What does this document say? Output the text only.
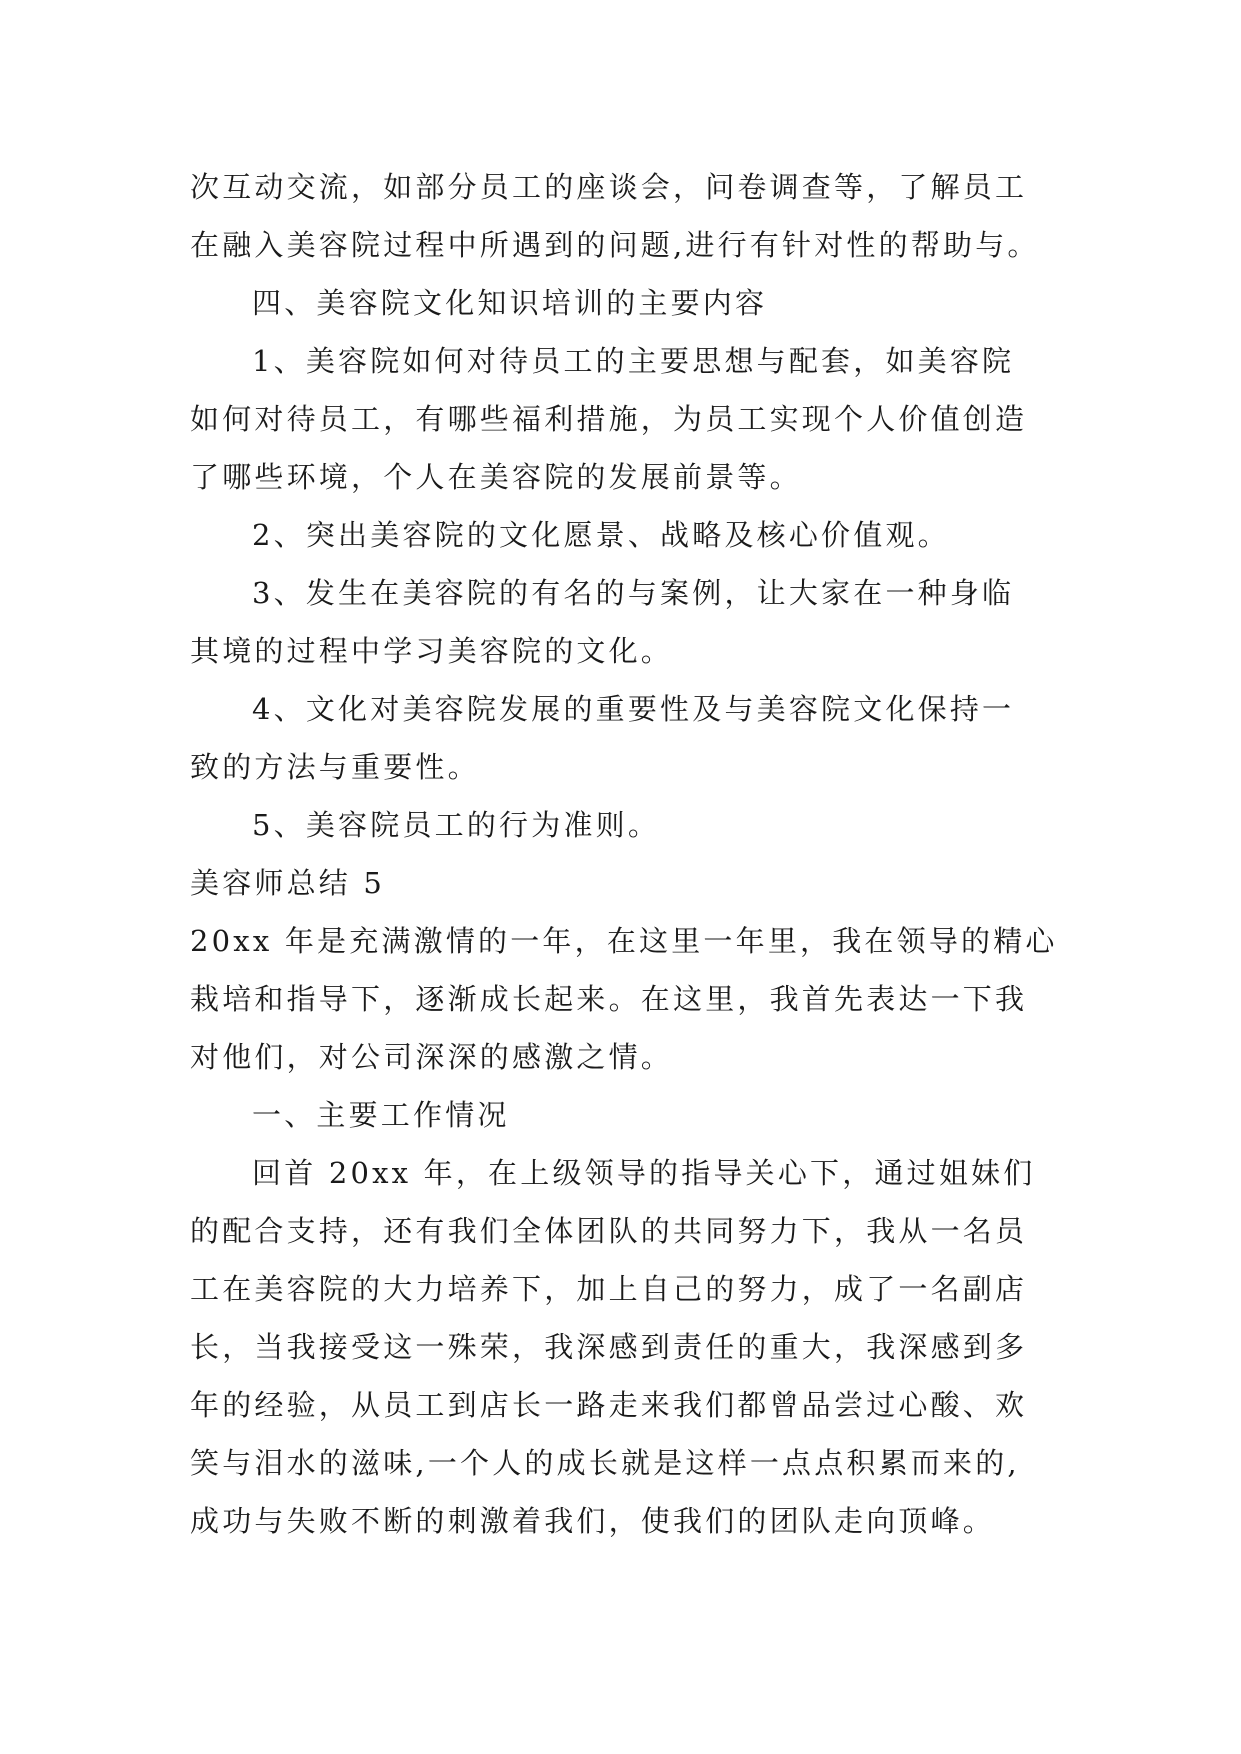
次互动交流，如部分员工的座谈会，问卷调查等，了解员工
在融入美容院过程中所遇到的问题,进行有针对性的帮助与。
四、美容院文化知识培训的主要内容
1、美容院如何对待员工的主要思想与配套，如美容院
如何对待员工，有哪些福利措施，为员工实现个人价值创造
了哪些环境，个人在美容院的发展前景等。
2、突出美容院的文化愿景、战略及核心价值观。
3、发生在美容院的有名的与案例，让大家在一种身临
其境的过程中学习美容院的文化。
4、文化对美容院发展的重要性及与美容院文化保持一
致的方法与重要性。
5、美容院员工的行为准则。
美容师总结 5
20xx 年是充满激情的一年，在这里一年里，我在领导的精心
栽培和指导下，逐渐成长起来。在这里，我首先表达一下我
对他们，对公司深深的感激之情。
一、主要工作情况
回首 20xx 年，在上级领导的指导关心下，通过姐妹们
的配合支持，还有我们全体团队的共同努力下，我从一名员
工在美容院的大力培养下，加上自己的努力，成了一名副店
长，当我接受这一殊荣，我深感到责任的重大，我深感到多
年的经验，从员工到店长一路走来我们都曾品尝过心酸、欢
笑与泪水的滋味,一个人的成长就是这样一点点积累而来的,
成功与失败不断的刺激着我们，使我们的团队走向顶峰。
